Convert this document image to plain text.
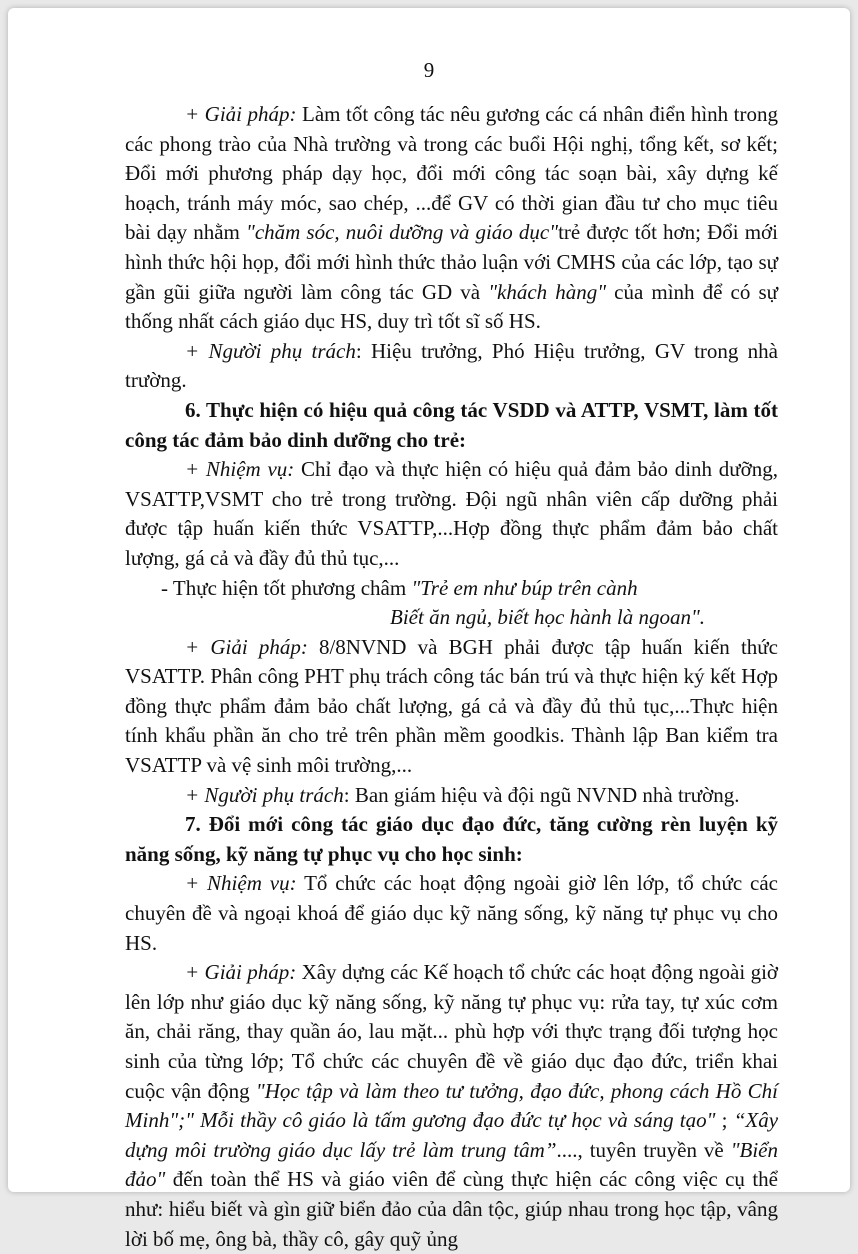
9

+ Giải pháp: Làm tốt công tác nêu gương các cá nhân điển hình trong các phong trào của Nhà trường và trong các buổi Hội nghị, tổng kết, sơ kết; Đổi mới phương pháp dạy học, đổi mới công tác soạn bài, xây dựng kế hoạch, tránh máy móc, sao chép, ...để GV có thời gian đầu tư cho mục tiêu bài dạy nhằm "chăm sóc, nuôi dưỡng và giáo dục"trẻ được tốt hơn; Đổi mới hình thức hội họp, đổi mới hình thức thảo luận với CMHS của các lớp, tạo sự gần gũi giữa người làm công tác GD và "khách hàng" của mình để có sự thống nhất cách giáo dục HS, duy trì tốt sĩ số HS.

+ Người phụ trách: Hiệu trưởng, Phó Hiệu trưởng, GV trong nhà trường.

6. Thực hiện có hiệu quả công tác VSDD và ATTP, VSMT, làm tốt công tác đảm bảo dinh dưỡng cho trẻ:

+ Nhiệm vụ: Chỉ đạo và thực hiện có hiệu quả đảm bảo dinh dưỡng, VSATTP,VSMT cho trẻ trong trường. Đội ngũ nhân viên cấp dưỡng phải được tập huấn kiến thức VSATTP,...Hợp đồng thực phẩm đảm bảo chất lượng, gá cả và đầy đủ thủ tục,...

- Thực hiện tốt phương châm "Trẻ em như búp trên cành

Biết ăn ngủ, biết học hành là ngoan".

+ Giải pháp: 8/8NVND và BGH phải được tập huấn kiến thức VSATTP. Phân công PHT phụ trách công tác bán trú và thực hiện ký kết Hợp đồng thực phẩm đảm bảo chất lượng, gá cả và đầy đủ thủ tục,...Thực hiện tính khẩu phần ăn cho trẻ trên phần mềm goodkis. Thành lập Ban kiểm tra VSATTP và vệ sinh môi trường,...

+ Người phụ trách: Ban giám hiệu và đội ngũ NVND nhà trường.

7. Đổi mới công tác giáo dục đạo đức, tăng cường rèn luyện kỹ năng sống, kỹ năng tự phục vụ cho học sinh:

+ Nhiệm vụ: Tổ chức các hoạt động ngoài giờ lên lớp, tổ chức các chuyên đề và ngoại khoá để giáo dục kỹ năng sống, kỹ năng tự phục vụ cho HS.

+ Giải pháp: Xây dựng các Kế hoạch tổ chức các hoạt động ngoài giờ lên lớp như giáo dục kỹ năng sống, kỹ năng tự phục vụ: rửa tay, tự xúc cơm ăn, chải răng, thay quần áo, lau mặt... phù hợp với thực trạng đối tượng học sinh của từng lớp; Tổ chức các chuyên đề về giáo dục đạo đức, triển khai cuộc vận động "Học tập và làm theo tư tưởng, đạo đức, phong cách Hồ Chí Minh";" Mỗi thầy cô giáo là tấm gương đạo đức tự học và sáng tạo" ; “Xây dựng môi trường giáo dục lấy trẻ làm trung tâm”...., tuyên truyền về "Biển đảo" đến toàn thể HS và giáo viên để cùng thực hiện các công việc cụ thể như: hiểu biết và gìn giữ biển đảo của dân tộc, giúp nhau trong học tập, vâng lời bố mẹ, ông bà, thầy cô, gây quỹ ủng
